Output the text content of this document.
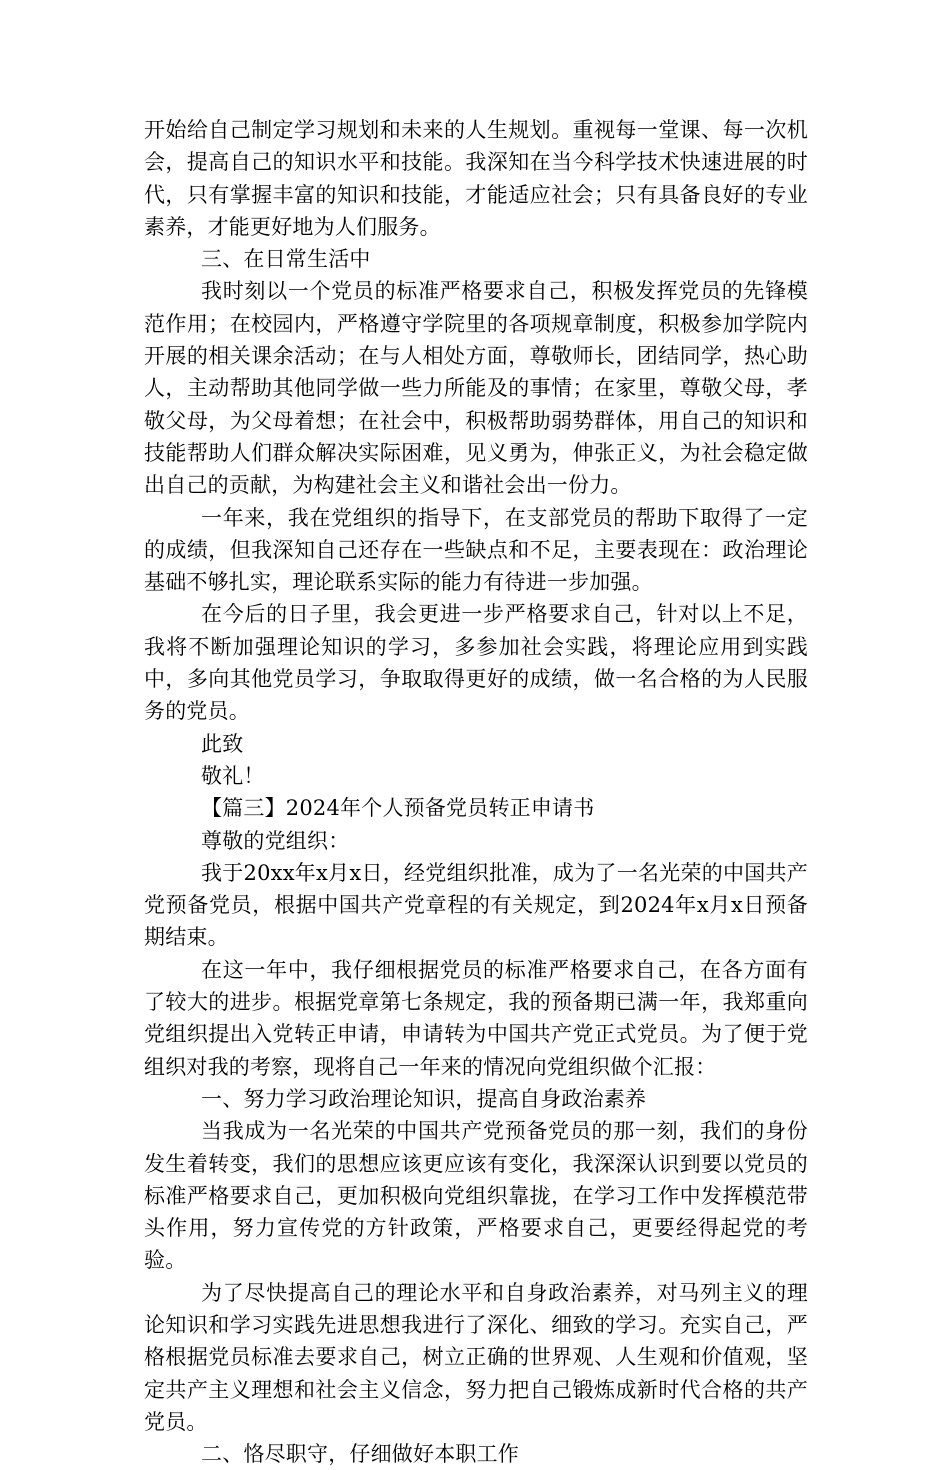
开始给自己制定学习规划和未来的人生规划。重视每一堂课、每一次机会，提高自己的知识水平和技能。我深知在当今科学技术快速进展的时代，只有掌握丰富的知识和技能，才能适应社会；只有具备良好的专业素养，才能更好地为人们服务。

三、在日常生活中

我时刻以一个党员的标准严格要求自己，积极发挥党员的先锋模范作用；在校园内，严格遵守学院里的各项规章制度，积极参加学院内开展的相关课余活动；在与人相处方面，尊敬师长，团结同学，热心助人，主动帮助其他同学做一些力所能及的事情；在家里，尊敬父母，孝敬父母，为父母着想；在社会中，积极帮助弱势群体，用自己的知识和技能帮助人们群众解决实际困难，见义勇为，伸张正义，为社会稳定做出自己的贡献，为构建社会主义和谐社会出一份力。

一年来，我在党组织的指导下，在支部党员的帮助下取得了一定的成绩，但我深知自己还存在一些缺点和不足，主要表现在：政治理论基础不够扎实，理论联系实际的能力有待进一步加强。

在今后的日子里，我会更进一步严格要求自己，针对以上不足，我将不断加强理论知识的学习，多参加社会实践，将理论应用到实践中，多向其他党员学习，争取取得更好的成绩，做一名合格的为人民服务的党员。

此致

敬礼！

【篇三】2024年个人预备党员转正申请书

尊敬的党组织：

我于20xx年x月x日，经党组织批准，成为了一名光荣的中国共产党预备党员，根据中国共产党章程的有关规定，到2024年x月x日预备期结束。

在这一年中，我仔细根据党员的标准严格要求自己，在各方面有了较大的进步。根据党章第七条规定，我的预备期已满一年，我郑重向党组织提出入党转正申请，申请转为中国共产党正式党员。为了便于党组织对我的考察，现将自己一年来的情况向党组织做个汇报：

一、努力学习政治理论知识，提高自身政治素养

当我成为一名光荣的中国共产党预备党员的那一刻，我们的身份发生着转变，我们的思想应该更应该有变化，我深深认识到要以党员的标准严格要求自己，更加积极向党组织靠拢，在学习工作中发挥模范带头作用，努力宣传党的方针政策，严格要求自己，更要经得起党的考验。

为了尽快提高自己的理论水平和自身政治素养，对马列主义的理论知识和学习实践先进思想我进行了深化、细致的学习。充实自己，严格根据党员标准去要求自己，树立正确的世界观、人生观和价值观，坚定共产主义理想和社会主义信念，努力把自己锻炼成新时代合格的共产党员。

二、恪尽职守，仔细做好本职工作
